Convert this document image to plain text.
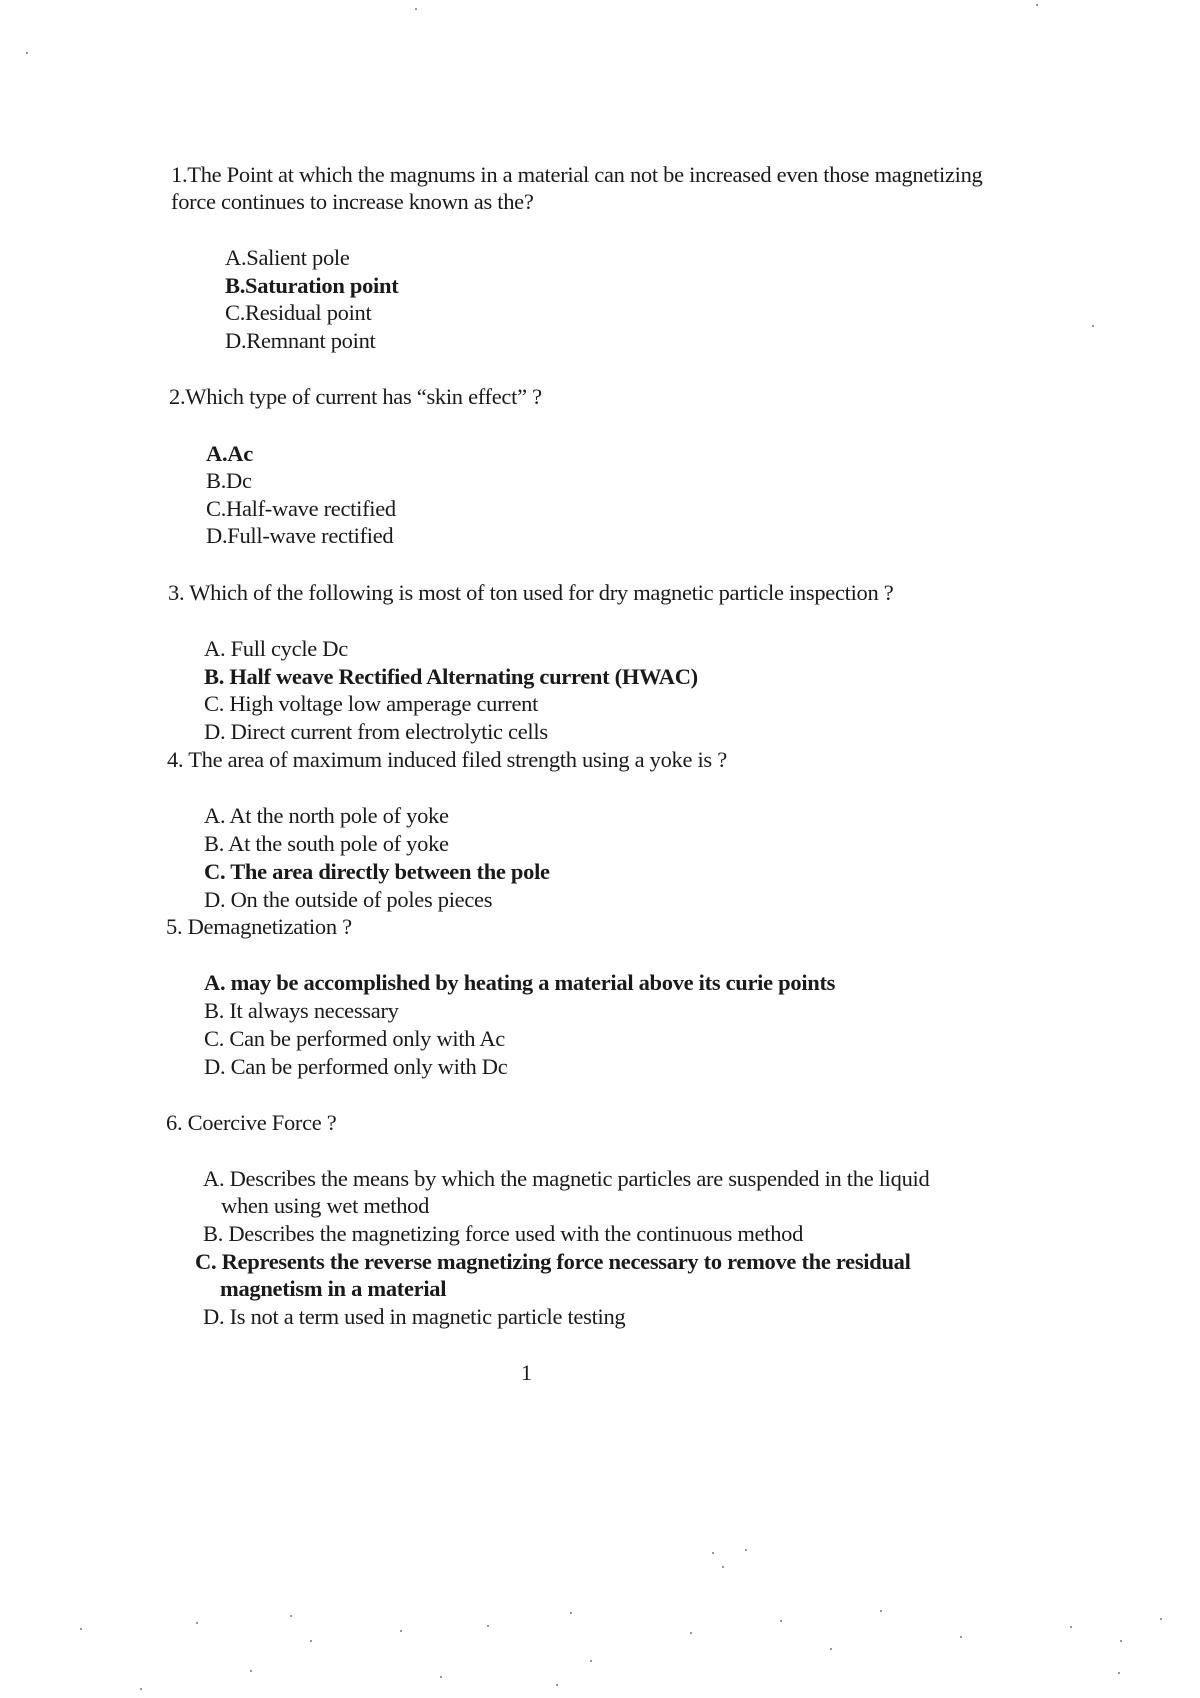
1.The Point at which the magnums in a material can not be increased even those magnetizing
force continues to increase known as the?
A.Salient pole
B.Saturation point
C.Residual point
D.Remnant point
2.Which type of current has “skin effect” ?
A.Ac
B.Dc
C.Half-wave rectified
D.Full-wave rectified
3. Which of the following is most of ton used for dry magnetic particle inspection ?
A. Full cycle Dc
B. Half weave Rectified Alternating current (HWAC)
C. High voltage low amperage current
D. Direct current from electrolytic cells
4. The area of maximum induced filed strength using a yoke is ?
A. At the north pole of yoke
B. At the south pole of yoke
C. The area directly between the pole
D. On the outside of poles pieces
5. Demagnetization ?
A. may be accomplished by heating a material above its curie points
B. It always necessary
C. Can be performed only with Ac
D. Can be performed only with Dc
6. Coercive Force ?
A. Describes the means by which the magnetic particles are suspended in the liquid
when using wet method
B. Describes the magnetizing force used with the continuous method
C. Represents the reverse magnetizing force necessary to remove the residual
magnetism in a material
D. Is not a term used in magnetic particle testing
1
